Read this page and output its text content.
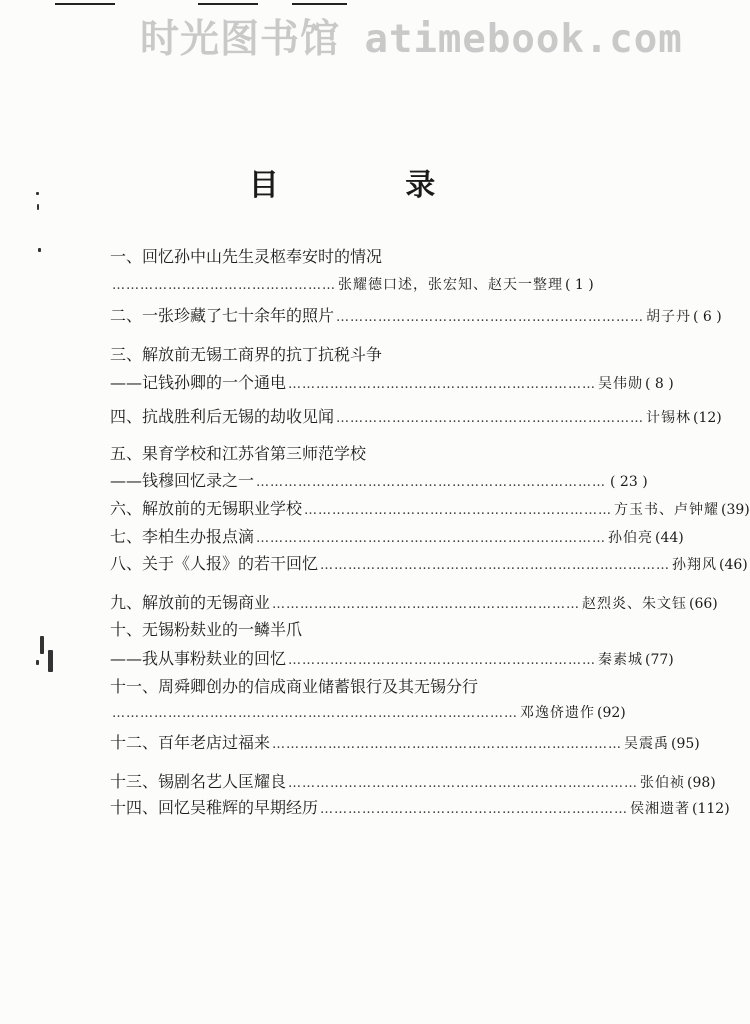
时光图书馆 atimebook.com
目 录
一、回忆孙中山先生灵柩奉安时的情况
………………………………………… 张耀德口述，张宏知、赵天一整理 ( 1 )
二、一张珍藏了七十余年的照片 ………………………………………………………… 胡子丹 ( 6 )
三、解放前无锡工商界的抗丁抗税斗争
——记钱孙卿的一个通电 ………………………………………………………… 吴伟勋 ( 8 )
四、抗战胜利后无锡的劫收见闻 ………………………………………………………… 计锡林 (12)
五、果育学校和江苏省第三师范学校
——钱穆回忆录之一 ………………………………………………………………… ( 23 )
六、解放前的无锡职业学校 ………………………………………………………… 方玉书、卢钟耀 (39)
七、李柏生办报点滴 ………………………………………………………………… 孙伯亮 (44)
八、关于《人报》的若干回忆 ………………………………………………………………… 孙翔风 (46)
九、解放前的无锡商业 ………………………………………………………… 赵烈炎、朱文钰 (66)
十、无锡粉麸业的一鳞半爪
——我从事粉麸业的回忆 ………………………………………………………… 秦素城 (77)
十一、周舜卿创办的信成商业储蓄银行及其无锡分行
…………………………………………………………………………… 邓逸侪遗作 (92)
十二、百年老店过福来 ………………………………………………………………… 吴震禹 (95)
十三、锡剧名艺人匡耀良 ………………………………………………………………… 张伯祯 (98)
十四、回忆吴稚辉的早期经历 ………………………………………………………… 侯湘遗著 (112)
